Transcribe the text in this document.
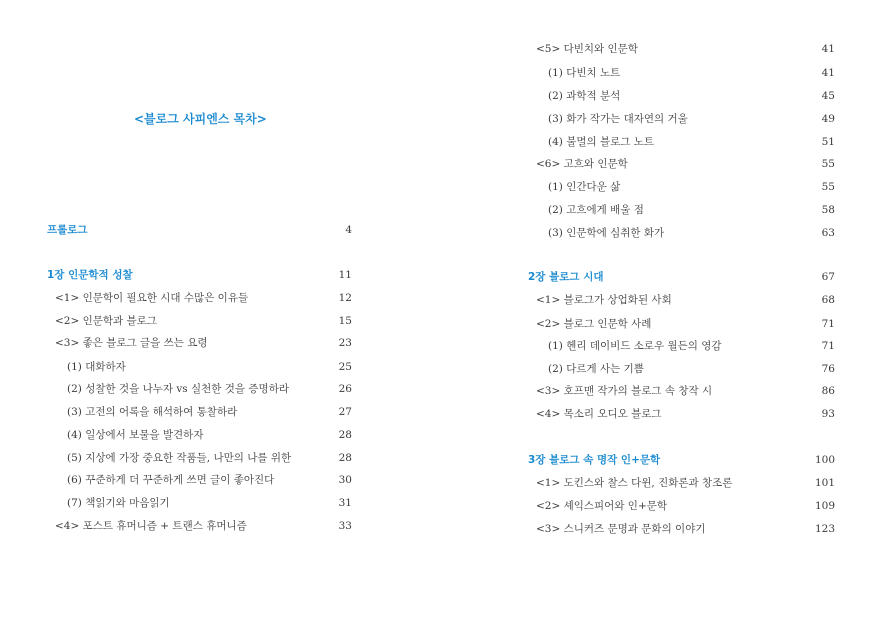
<블로그 사피엔스 목차>
프롤로그	4
1장 인문학적 성찰	11
<1> 인문학이 필요한 시대 수많은 이유들	12
<2> 인문학과 블로그	15
<3> 좋은 블로그 글을 쓰는 요령	23
(1) 대화하자	25
(2) 성찰한 것을 나누자 vs 실천한 것을 증명하라	26
(3) 고전의 어록을 해석하여 통찰하라	27
(4) 일상에서 보물을 발견하자	28
(5) 지상에 가장 중요한 작품들, 나만의 나를 위한	28
(6) 꾸준하게 더 꾸준하게 쓰면 글이 좋아진다	30
(7) 책읽기와 마음읽기	31
<4> 포스트 휴머니즘 + 트랜스 휴머니즘	33
<5> 다빈치와 인문학	41
(1) 다빈치 노트	41
(2) 과학적 분석	45
(3) 화가 작가는 대자연의 거울	49
(4) 불멸의 블로그 노트	51
<6> 고흐와 인문학	55
(1) 인간다운 삶	55
(2) 고흐에게 배울 점	58
(3) 인문학에 심취한 화가	63
2장 블로그 시대	67
<1> 블로그가 상업화된 사회	68
<2> 블로그 인문학 사례	71
(1) 헨리 데이비드 소로우 월든의 영감	71
(2) 다르게 사는 기쁨	76
<3> 호프맨 작가의 블로그 속 창작 시	86
<4> 목소리 오디오 블로그	93
3장 블로그 속 명작 인+문학	100
<1> 도킨스와 찰스 다윈, 진화론과 창조론	101
<2> 셰익스피어와 인+문학	109
<3> 스니커즈 문명과 문화의 이야기	123
